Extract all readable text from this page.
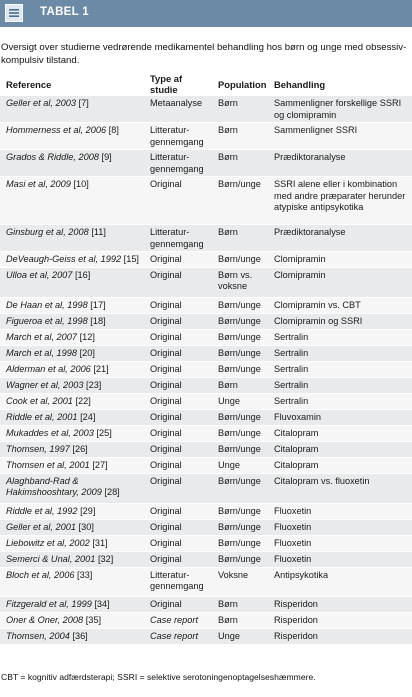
TABEL 1
Oversigt over studierne vedrørende medikamentel behandling hos børn og unge med obsessiv-kompulsiv tilstand.
Reference	Type af studie	Population	Behandling
Geller et al, 2003 [7]	Metaanalyse	Børn	Sammenligner forskellige SSRI og clomipramin
Hommerness et al, 2006 [8]	Litteratur-gennemgang	Børn	Sammenligner SSRI
Grados & Riddle, 2008 [9]	Litteratur-gennemgang	Børn	Prædiktoranalyse
Masi et al, 2009 [10]	Original	Børn/unge	SSRI alene eller i kombination med andre præparater herunder atypiske antipsykotika
Ginsburg et al, 2008 [11]	Litteratur-gennemgang	Børn	Prædiktoranalyse
DeVeaugh-Geiss et al, 1992 [15]	Original	Børn/unge	Clomipramin
Ulloa et al, 2007 [16]	Original	Børn vs. voksne	Clomipramin
De Haan et al, 1998 [17]	Original	Børn/unge	Clomipramin vs. CBT
Figueroa et al, 1998 [18]	Original	Børn/unge	Clomipramin og SSRI
March et al, 2007 [12]	Original	Børn/unge	Sertralin
March et al, 1998 [20]	Original	Børn/unge	Sertralin
Alderman et al, 2006 [21]	Original	Børn/unge	Sertralin
Wagner et al, 2003 [23]	Original	Børn	Sertralin
Cook et al, 2001 [22]	Original	Unge	Sertralin
Riddle et al, 2001 [24]	Original	Børn/unge	Fluvoxamin
Mukaddes et al, 2003 [25]	Original	Børn/unge	Citalopram
Thomsen, 1997 [26]	Original	Børn/unge	Citalopram
Thomsen et al, 2001 [27]	Original	Unge	Citalopram
Alaghband-Rad & Hakimshooshtary, 2009 [28]	Original	Børn/unge	Citalopram vs. fluoxetin
Riddle et al, 1992 [29]	Original	Børn/unge	Fluoxetin
Geller et al, 2001 [30]	Original	Børn/unge	Fluoxetin
Liebowitz et al, 2002 [31]	Original	Børn/unge	Fluoxetin
Semerci & Unal, 2001 [32]	Original	Børn/unge	Fluoxetin
Bloch et al, 2006 [33]	Litteratur-gennemgang	Voksne	Antipsykotika
Fitzgerald et al, 1999 [34]	Original	Børn	Risperidon
Oner & Oner, 2008 [35]	Case report	Børn	Risperidon
Thomsen, 2004 [36]	Case report	Unge	Risperidon
CBT = kognitiv adfærdsterapi; SSRI = selektive serotoningenoptagelseshæmmere.
